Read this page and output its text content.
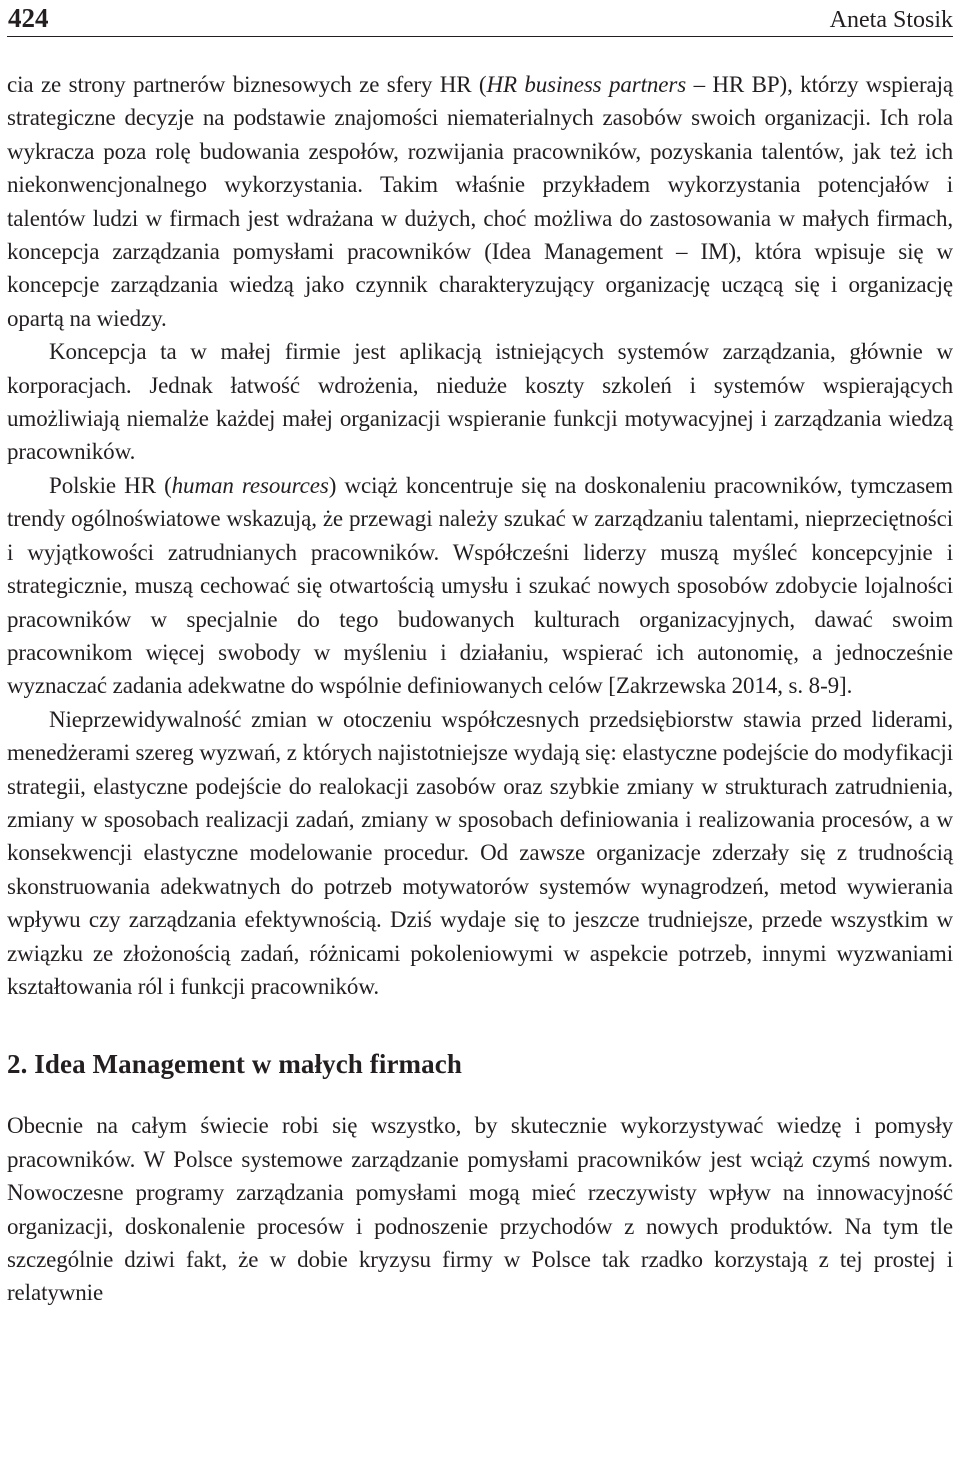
424	Aneta Stosik

cia ze strony partnerów biznesowych ze sfery HR (HR business partners – HR BP), którzy wspierają strategiczne decyzje na podstawie znajomości niematerialnych zasobów swoich organizacji. Ich rola wykracza poza rolę budowania zespołów, rozwijania pracowników, pozyskania talentów, jak też ich niekonwencjonalnego wykorzystania. Takim właśnie przykładem wykorzystania potencjałów i talentów ludzi w firmach jest wdrażana w dużych, choć możliwa do zastosowania w małych firmach, koncepcja zarządzania pomysłami pracowników (Idea Management – IM), która wpisuje się w koncepcje zarządzania wiedzą jako czynnik charakteryzujący organizację uczącą się i organizację opartą na wiedzy.

Koncepcja ta w małej firmie jest aplikacją istniejących systemów zarządzania, głównie w korporacjach. Jednak łatwość wdrożenia, nieduże koszty szkoleń i systemów wspierających umożliwiają niemalże każdej małej organizacji wspieranie funkcji motywacyjnej i zarządzania wiedzą pracowników.

Polskie HR (human resources) wciąż koncentruje się na doskonaleniu pracowników, tymczasem trendy ogólnoświatowe wskazują, że przewagi należy szukać w zarządzaniu talentami, nieprzeciętności i wyjątkowości zatrudnianych pracowników. Współcześni liderzy muszą myśleć koncepcyjnie i strategicznie, muszą cechować się otwartością umysłu i szukać nowych sposobów zdobycie lojalności pracowników w specjalnie do tego budowanych kulturach organizacyjnych, dawać swoim pracownikom więcej swobody w myśleniu i działaniu, wspierać ich autonomię, a jednocześnie wyznaczać zadania adekwatne do wspólnie definiowanych celów [Zakrzewska 2014, s. 8-9].

Nieprzewidywalność zmian w otoczeniu współczesnych przedsiębiorstw stawia przed liderami, menedżerami szereg wyzwań, z których najistotniejsze wydają się: elastyczne podejście do modyfikacji strategii, elastyczne podejście do realokacji zasobów oraz szybkie zmiany w strukturach zatrudnienia, zmiany w sposobach realizacji zadań, zmiany w sposobach definiowania i realizowania procesów, a w konsekwencji elastyczne modelowanie procedur. Od zawsze organizacje zderzały się z trudnością skonstruowania adekwatnych do potrzeb motywatorów systemów wynagrodzeń, metod wywierania wpływu czy zarządzania efektywnością. Dziś wydaje się to jeszcze trudniejsze, przede wszystkim w związku ze złożonością zadań, różnicami pokoleniowymi w aspekcie potrzeb, innymi wyzwaniami kształtowania ról i funkcji pracowników.

2. Idea Management w małych firmach

Obecnie na całym świecie robi się wszystko, by skutecznie wykorzystywać wiedzę i pomysły pracowników. W Polsce systemowe zarządzanie pomysłami pracowników jest wciąż czymś nowym. Nowoczesne programy zarządzania pomysłami mogą mieć rzeczywisty wpływ na innowacyjność organizacji, doskonalenie procesów i podnoszenie przychodów z nowych produktów. Na tym tle szczególnie dziwi fakt, że w dobie kryzysu firmy w Polsce tak rzadko korzystają z tej prostej i relatywnie
